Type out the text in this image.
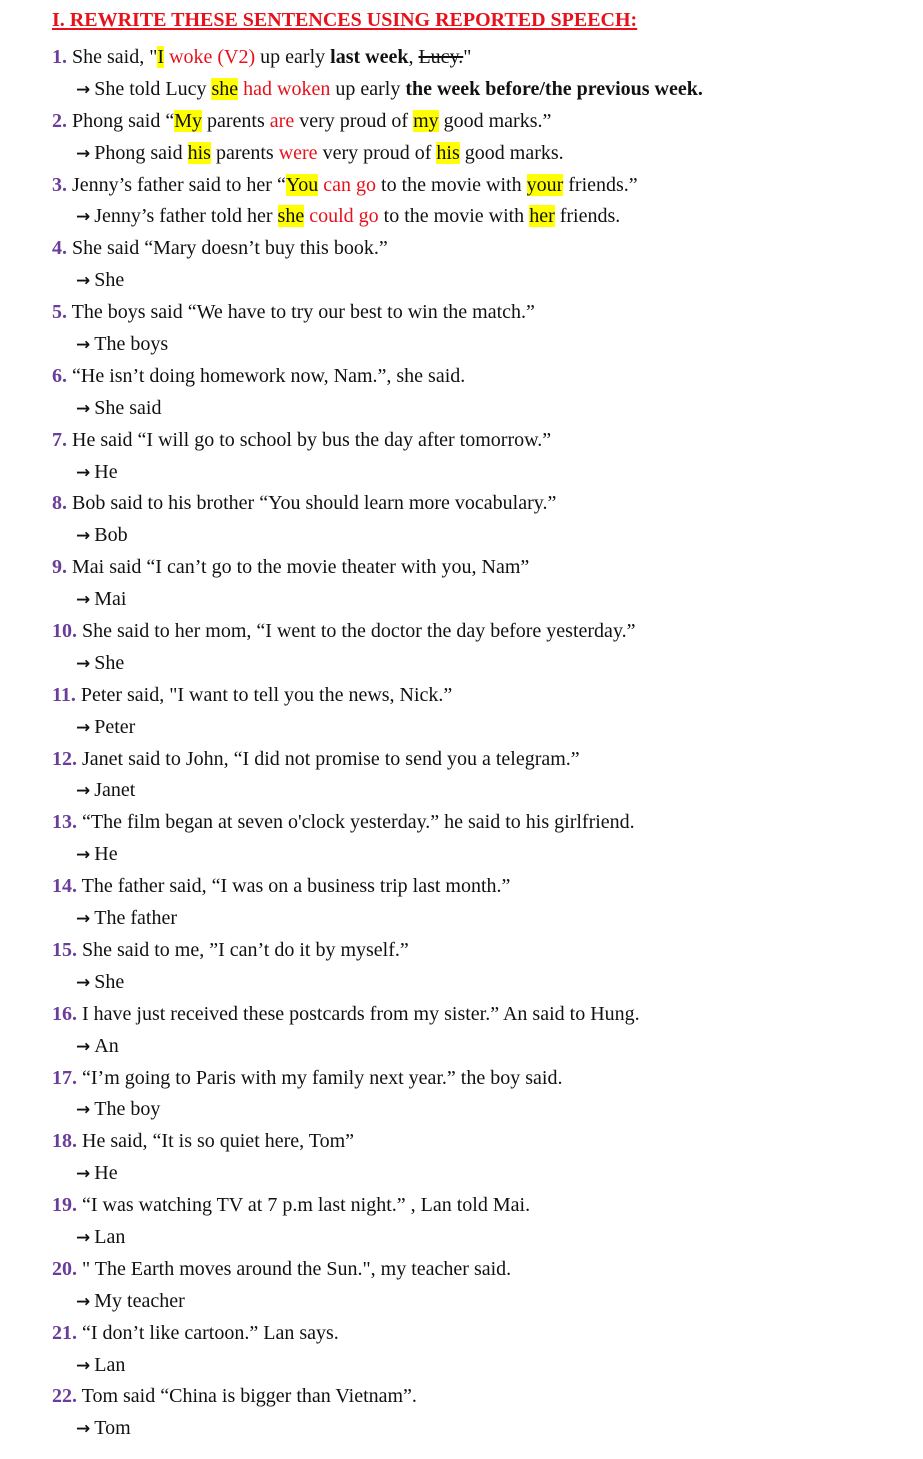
I. REWRITE THESE SENTENCES USING REPORTED SPEECH:
1. She said, "I woke (V2) up early last week, Lucy."
→ She told Lucy she had woken up early the week before/the previous week.
2. Phong said “My parents are very proud of my good marks.”
→ Phong said his parents were very proud of his good marks.
3. Jenny’s father said to her “You can go to the movie with your friends.”
→ Jenny’s father told her she could go to the movie with her friends.
4. She said “Mary doesn’t buy this book.”
→ She
5. The boys said “We have to try our best to win the match.”
→ The boys
6. “He isn’t doing homework now, Nam.”, she said.
→ She said
7. He said “I will go to school by bus the day after tomorrow.”
→ He
8. Bob said to his brother “You should learn more vocabulary.”
→ Bob
9. Mai said “I can’t go to the movie theater with you, Nam”
→ Mai
10. She said to her mom, “I went to the doctor the day before yesterday.”
→ She
11. Peter said, "I want to tell you the news, Nick.”
→ Peter
12. Janet said to John, “I did not promise to send you a telegram.”
→ Janet
13. “The film began at seven o'clock yesterday.” he said to his girlfriend.
→ He
14. The father said, “I was on a business trip last month.”
→ The father
15. She said to me, ”I can’t do it by myself.”
→ She
16. I have just received these postcards from my sister.” An said to Hung.
→ An
17. “I’m going to Paris with my family next year.” the boy said.
→ The boy
18. He said, “It is so quiet here, Tom”
→ He
19. “I was watching TV at 7 p.m last night.” , Lan told Mai.
→ Lan
20. " The Earth moves around the Sun.", my teacher said.
→ My teacher
21. “I don’t like cartoon.” Lan says.
→ Lan
22. Tom said “China is bigger than Vietnam”.
→ Tom
